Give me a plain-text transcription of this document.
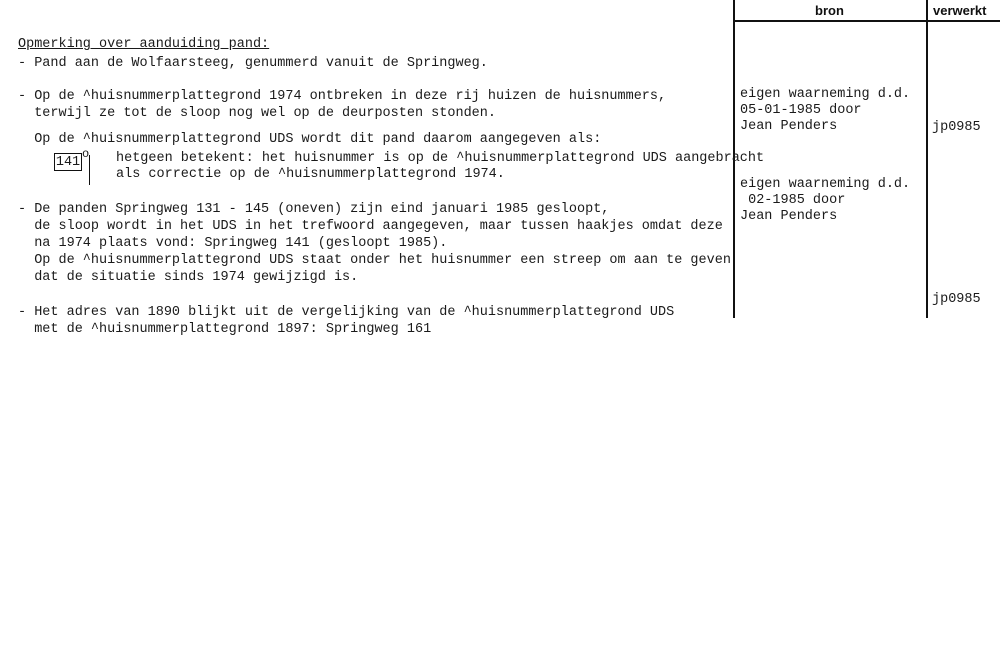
bron	verwerkt
Opmerking over aanduiding pand:
- Pand aan de Wolfaarsteeg, genummerd vanuit de Springweg.
- Op de ^huisnummerplattegrond 1974 ontbreken in deze rij huizen de huisnummers,
terwijl ze tot de sloop nog wel op de deurposten stonden.
Op de ^huisnummerplattegrond UDS wordt dit pand daarom aangegeven als:
141
o hetgeen betekent: het huisnummer is op de ^huisnummerplattegrond UDS aangebracht
als correctie op de ^huisnummerplattegrond 1974.
- De panden Springweg 131 - 145 (oneven) zijn eind januari 1985 gesloopt,
de sloop wordt in het UDS in het trefwoord aangegeven, maar tussen haakjes omdat deze
na 1974 plaats vond: Springweg 141 (gesloopt 1985).
Op de ^huisnummerplattegrond UDS staat onder het huisnummer een streep om aan te geven
dat de situatie sinds 1974 gewijzigd is.
- Het adres van 1890 blijkt uit de vergelijking van de ^huisnummerplattegrond UDS
met de ^huisnummerplattegrond 1897: Springweg 161
eigen waarneming d.d.
05-01-1985 door
Jean Penders
eigen waarneming d.d.
02-1985 door
Jean Penders
jp0985
jp0985
